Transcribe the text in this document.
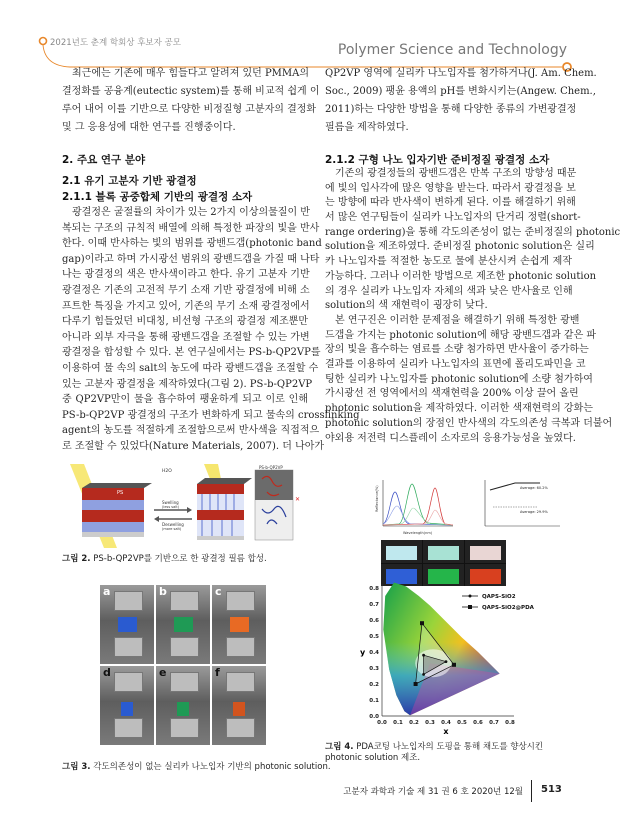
2021년도 춘계 학회상 후보자 공모	Polymer Science and Technology
최근에는 기존에 매우 힘들다고 알려져 있던 PMMA의
결정화를 공융계(eutectic system)를 통해 비교적 쉽게 이
루어 내어 이를 기반으로 다양한 비정질형 고분자의 결정화
및 그 응용성에 대한 연구를 진행중이다.
2. 주요 연구 분야
2.1 유기 고분자 기반 광결정
2.1.1 블록 공중합체 기반의 광결정 소자
광결정은 굴절률의 차이가 있는 2가지 이상의물질이 반
복되는 구조의 규칙적 배열에 의해 특정한 파장의 빛을 반사
한다. 이때 반사하는 빛의 범위를 광밴드갭(photonic band
gap)이라고 하며 가시광선 범위의 광밴드갭을 가질 때 나타
나는 광결정의 색은 반사색이라고 한다. 유기 고분자 기반
광결정은 기존의 고전적 무기 소재 기반 광결정에 비해 소
프트한 특징을 가지고 있어, 기존의 무기 소재 광결정에서
다루기 힘들었던 비대칭, 비선형 구조의 광결정 제조뿐만
아니라 외부 자극을 통해 광밴드갭을 조절할 수 있는 가변
광결정을 합성할 수 있다. 본 연구실에서는 PS-b-QP2VP를
이용하여 물 속의 salt의 농도에 따라 광밴드갭을 조절할 수
있는 고분자 광결정을 제작하였다(그림 2). PS-b-QP2VP
중 QP2VP만이 물을 흡수하여 팽윤하게 되고 이로 인해
PS-b-QP2VP 광결정의 구조가 변화하게 되고 물속의 crosslinking
agent의 농도를 적절하게 조절함으로써 반사색을 직접적으
로 조절할 수 있었다(Nature Materials, 2007). 더 나아가
QP2VP 영역에 실리카 나노입자를 첨가하거나(J. Am. Chem.
Soc., 2009) 팽윤 용액의 pH를 변화시키는(Angew. Chem.,
2011)하는 다양한 방법을 통해 다양한 종류의 가변광결정
필름을 제작하였다.
2.1.2 구형 나노 입자기반 준비정질 광결정 소자
기존의 광결정들의 광밴드갭은 반복 구조의 방향성 때문
에 빛의 입사각에 많은 영향을 받는다. 따라서 광결정을 보
는 방향에 따라 반사색이 변하게 된다. 이를 해결하기 위해
서 많은 연구팀들이 실리카 나노입자의 단거리 정렬(short-
range ordering)을 통해 각도의존성이 없는 준비정질의 photonic
solution을 제조하였다. 준비정질 photonic solution은 실리
카 나노입자를 적절한 농도로 물에 분산시켜 손쉽게 제작
가능하다. 그러나 이러한 방법으로 제조한 photonic solution
의 경우 실리카 나노입자 자체의 색과 낮은 반사율로 인해
solution의 색 재현력이 굉장히 낮다.
본 연구진은 이러한 문제점을 해결하기 위해 특정한 광밴
드갭을 가지는 photonic solution에 해당 광밴드갭과 같은 파
장의 빛을 흡수하는 염료를 소량 첨가하면 반사율이 증가하는
결과를 이용하여 실리카 나노입자의 표면에 폴리도파민을 코
팅한 실리카 나노입자를 photonic solution에 소량 첨가하여
가시광선 전 영역에서의 색재현력을 200% 이상 끌어 올린
photonic solution을 제작하였다. 이러한 색재현력의 강화는
photonic solution의 장점인 반사색의 각도의존성 극복과 더불어
야외용 저전력 디스플레이 소자로의 응용가능성을 높였다.
PS
H2O
Swelling
(less salt)
Deswelling
(more salt)
PS-b-QP2VP
✕
그림 2. PS-b-QP2VP를 기반으로 한 광결정 필름 합성.
a	b	c
d	e	f
그림 3. 각도의존성이 없는 실리카 나노입자 기반의 photonic solution.
Wavelength(nm)
Reflectance(%)	Average: 60.2%
Average: 29.9%
0.0 0.1 0.2 0.3 0.4 0.5 0.6 0.7 0.8
0.0
0.1
0.2
0.3
0.4
0.5
0.6
0.7
0.8
x
y
QAPS-SiO2
QAPS-SiO2@PDA
그림 4. PDA코팅 나노입자의 도핑을 통해 채도를 향상시킨 photonic solution 제조.
고분자 과학과 기술 제 31 권 6 호 2020년 12월 513
